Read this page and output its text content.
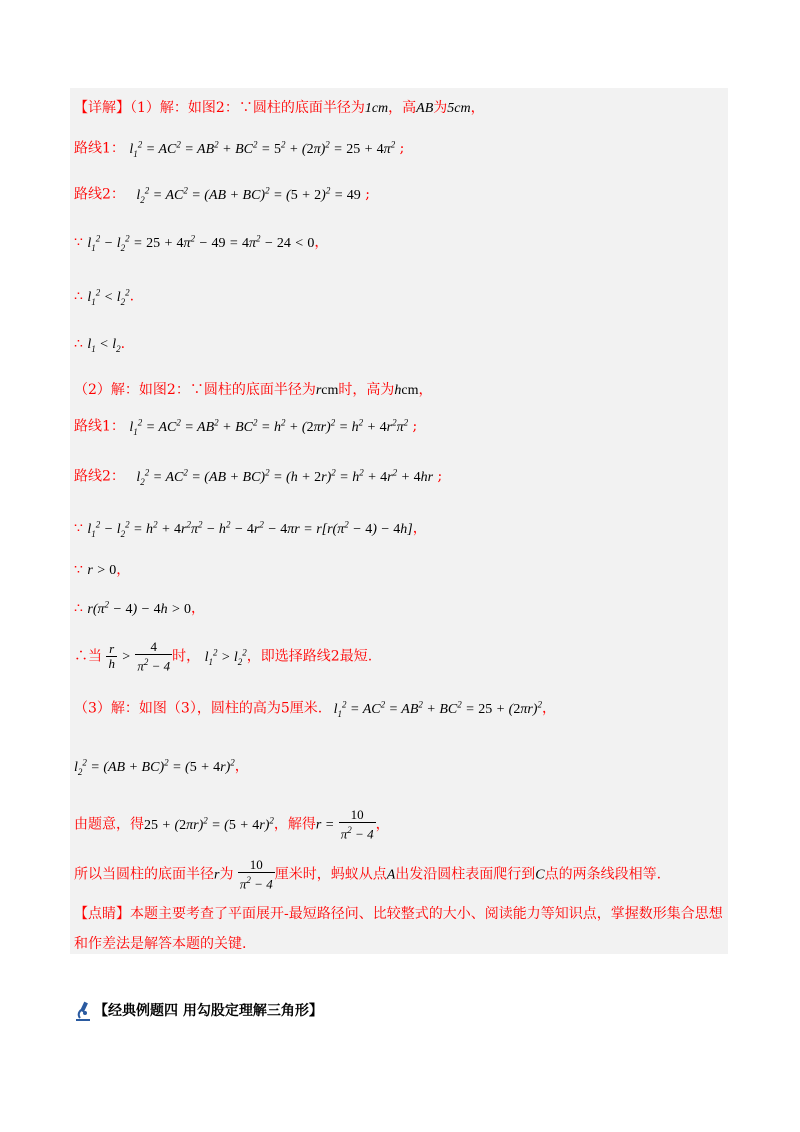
【详解】（1）解：如图2：∵圆柱的底面半径为1cm，高AB为5cm，
路线1： $l_1^2 = AC^2 = AB^2 + BC^2 = 5^2 + (2\pi)^2 = 25 + 4\pi^2$ ;
路线2：   $l_2^2 = AC^2 = (AB + BC)^2 = (5 + 2)^2 = 49$ ;
∵ $l_1^2 - l_2^2 = 25 + 4\pi^2 - 49 = 4\pi^2 - 24 < 0$，
∴ $l_1^2 < l_2^2$.
∴ $l_1 < l_2$.
（2）解：如图2：∵圆柱的底面半径为rcm时，高为hcm，
路线1： $l_1^2 = AC^2 = AB^2 + BC^2 = h^2 + (2\pi r)^2 = h^2 + 4r^2\pi^2$ ;
路线2：   $l_2^2 = AC^2 = (AB + BC)^2 = (h + 2r)^2 = h^2 + 4r^2 + 4hr$ ;
∵ $l_1^2 - l_2^2 = h^2 + 4r^2\pi^2 - h^2 - 4r^2 - 4\pi r = r[r(\pi^2 - 4) - 4h]$，
∵ r > 0，
∴ $r(\pi^2 - 4) - 4h > 0$，
∴当 $\frac{r}{h} > \frac{4}{\pi^2 - 4}$ 时， $l_1^2 > l_2^2$，即选择路线2最短.
（3）解：如图（3），圆柱的高为5厘米.   $l_1^2 = AC^2 = AB^2 + BC^2 = 25 + (2\pi r)^2$，
$l_2^2 = (AB + BC)^2 = (5 + 4r)^2$，
由题意，得$25 + (2\pi r)^2 = (5 + 4r)^2$，解得$r = \frac{10}{\pi^2 - 4}$ ，
所以当圆柱的底面半径r为 $\frac{10}{\pi^2 - 4}$ 厘米时，蚂蚁从点A出发沿圆柱表面爬行到C点的两条线段相等.
【点睛】本题主要考查了平面展开-最短路径问、比较整式的大小、阅读能力等知识点，掌握数形集合思想
和作差法是解答本题的关键.
【经典例题四 用勾股定理解三角形】
